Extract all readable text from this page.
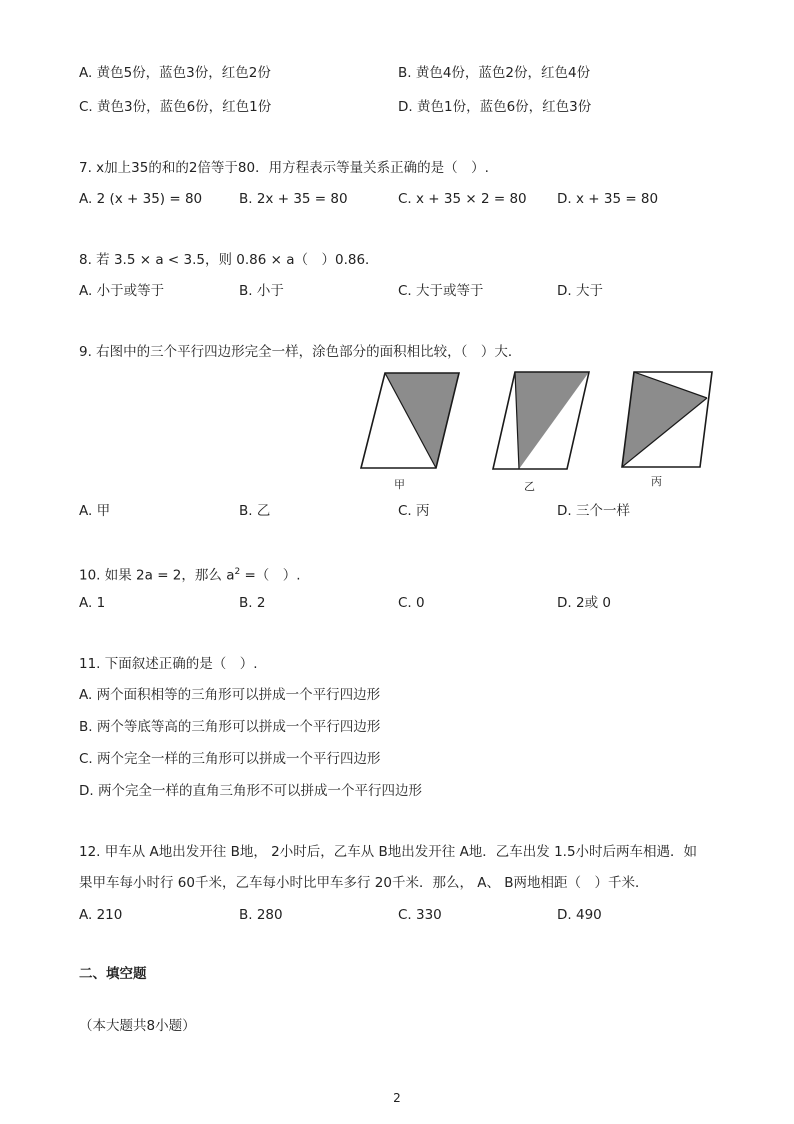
A. 黄色5份，蓝色3份，红色2份	B. 黄色4份，蓝色2份，红色4份
C. 黄色3份，蓝色6份，红色1份	D. 黄色1份，蓝色6份，红色3份
7. x加上35的和的2倍等于80．用方程表示等量关系正确的是（　）.
A. 2 (x + 35) = 80	B. 2x + 35 = 80	C. x + 35 × 2 = 80 D. x + 35 = 80
8. 若 3.5 × a < 3.5，则 0.86 × a（　）0.86．
A. 小于或等于	B. 小于	C. 大于或等于	D. 大于
9. 右图中的三个平行四边形完全一样，涂色部分的面积相比较，（　）大．
甲	乙	丙
A. 甲	B. 乙	C. 丙	D. 三个一样
10. 如果 2a = 2，那么 $a^2$ =（　）.
A. 1	B. 2	C. 0	D. 2或 0
11. 下面叙述正确的是（　）.
A. 两个面积相等的三角形可以拼成一个平行四边形
B. 两个等底等高的三角形可以拼成一个平行四边形
C. 两个完全一样的三角形可以拼成一个平行四边形
D. 两个完全一样的直角三角形不可以拼成一个平行四边形
12. 甲车从 A地出发开往 B地， 2小时后，乙车从 B地出发开往 A地．乙车出发 1.5小时后两车相遇．如
果甲车每小时行 60千米，乙车每小时比甲车多行 20千米．那么， A、 B两地相距（　）千米．
A. 210	B. 280	C. 330	D. 490
二、填空题
（本大题共8小题）
2
